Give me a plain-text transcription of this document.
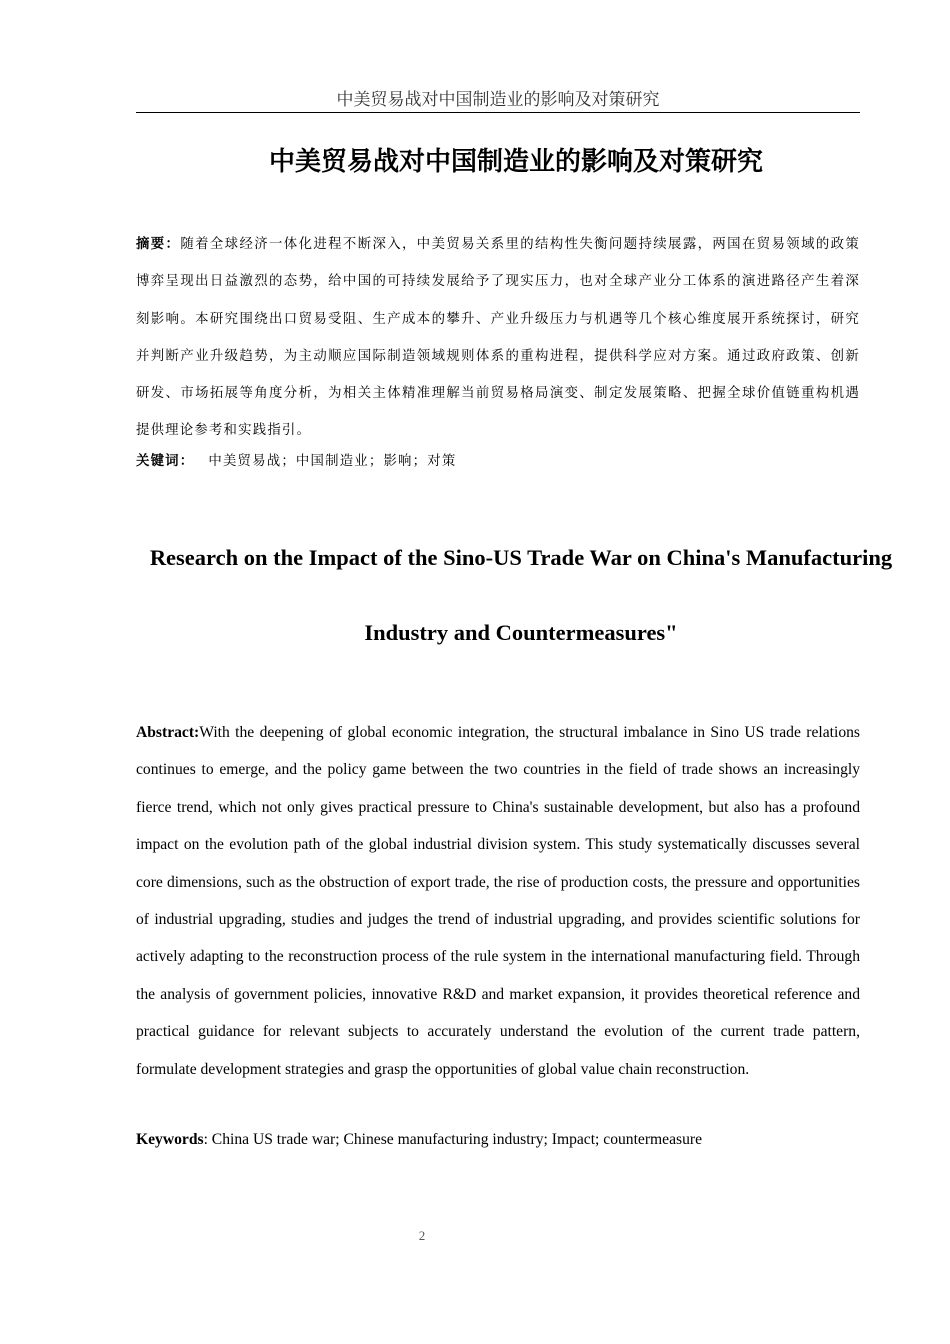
中美贸易战对中国制造业的影响及对策研究
中美贸易战对中国制造业的影响及对策研究

摘要：随着全球经济一体化进程不断深入，中美贸易关系里的结构性失衡问题持续展露，两国在贸易领域的政策博弈呈现出日益激烈的态势，给中国的可持续发展给予了现实压力，也对全球产业分工体系的演进路径产生着深刻影响。本研究围绕出口贸易受阻、生产成本的攀升、产业升级压力与机遇等几个核心维度展开系统探讨，研究并判断产业升级趋势，为主动顺应国际制造领域规则体系的重构进程，提供科学应对方案。通过政府政策、创新研发、市场拓展等角度分析，为相关主体精准理解当前贸易格局演变、制定发展策略、把握全球价值链重构机遇提供理论参考和实践指引。

关键词： 中美贸易战；中国制造业；影响；对策

Research on the Impact of the Sino-US Trade War on China's Manufacturing Industry and Countermeasures"

Abstract:With the deepening of global economic integration, the structural imbalance in Sino US trade relations continues to emerge, and the policy game between the two countries in the field of trade shows an increasingly fierce trend, which not only gives practical pressure to China's sustainable development, but also has a profound impact on the evolution path of the global industrial division system. This study systematically discusses several core dimensions, such as the obstruction of export trade, the rise of production costs, the pressure and opportunities of industrial upgrading, studies and judges the trend of industrial upgrading, and provides scientific solutions for actively adapting to the reconstruction process of the rule system in the international manufacturing field. Through the analysis of government policies, innovative R&D and market expansion, it provides theoretical reference and practical guidance for relevant subjects to accurately understand the evolution of the current trade pattern, formulate development strategies and grasp the opportunities of global value chain reconstruction.

Keywords: China US trade war; Chinese manufacturing industry; Impact; countermeasure

2
